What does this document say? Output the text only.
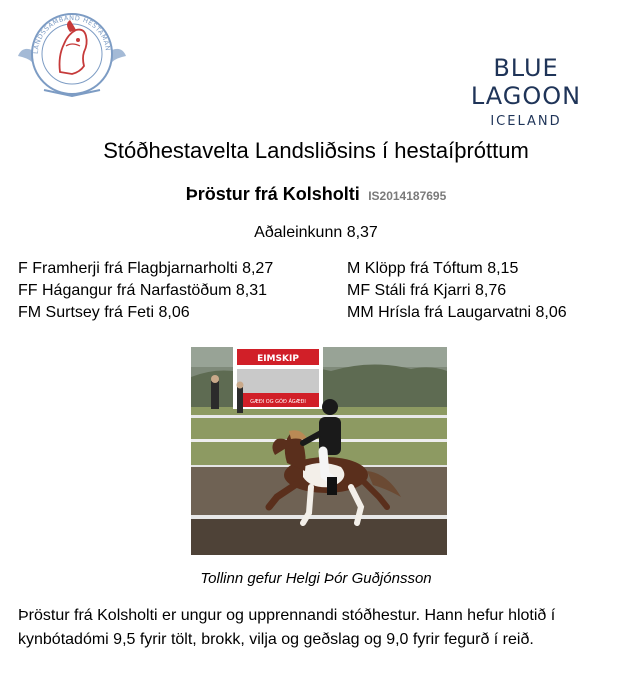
LANDSSAMBAND HESTAMAN
BLUE LAGOON
ICELAND
Stóðhestavelta Landsliðsins í hestaíþróttum
Þröstur frá Kolsholti IS2014187695
Aðaleinkunn 8,37
F Framherji frá Flagbjarnarholti 8,27
FF Hágangur frá Narfastöðum 8,31
FM Surtsey frá Feti 8,06
M Klöpp frá Tóftum 8,15
MF Stáli frá Kjarri 8,76
MM Hrísla frá Laugarvatni 8,06
EIMSKIP
GÆÐI OG GÓÐ ÁGÆÐI
Tollinn gefur Helgi Þór Guðjónsson
Þröstur frá Kolsholti er ungur og upprennandi stóðhestur. Hann hefur hlotið í kynbótadómi 9,5 fyrir tölt, brokk, vilja og geðslag og 9,0 fyrir fegurð í reið.
